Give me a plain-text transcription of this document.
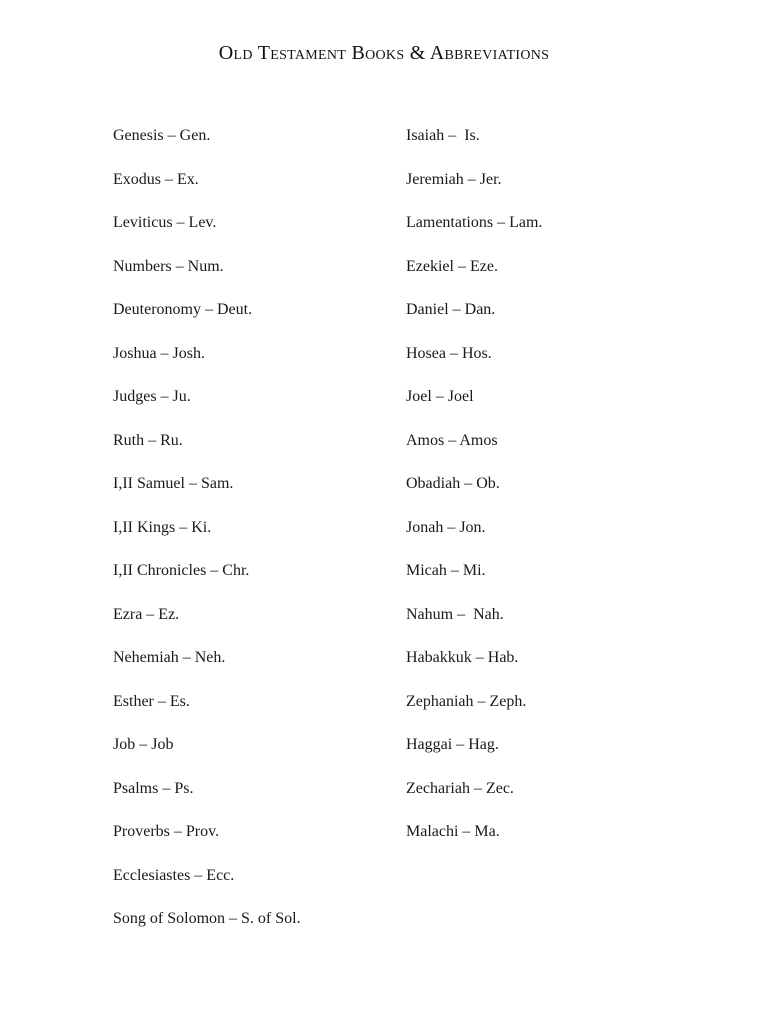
Old Testament Books & Abbreviations
Genesis – Gen.
Exodus – Ex.
Leviticus – Lev.
Numbers – Num.
Deuteronomy – Deut.
Joshua – Josh.
Judges – Ju.
Ruth – Ru.
I,II Samuel – Sam.
I,II Kings – Ki.
I,II Chronicles – Chr.
Ezra – Ez.
Nehemiah – Neh.
Esther – Es.
Job – Job
Psalms – Ps.
Proverbs – Prov.
Ecclesiastes – Ecc.
Song of Solomon – S. of Sol.
Isaiah –  Is.
Jeremiah – Jer.
Lamentations – Lam.
Ezekiel – Eze.
Daniel – Dan.
Hosea – Hos.
Joel – Joel
Amos – Amos
Obadiah – Ob.
Jonah – Jon.
Micah – Mi.
Nahum –  Nah.
Habakkuk – Hab.
Zephaniah – Zeph.
Haggai – Hag.
Zechariah – Zec.
Malachi – Ma.
